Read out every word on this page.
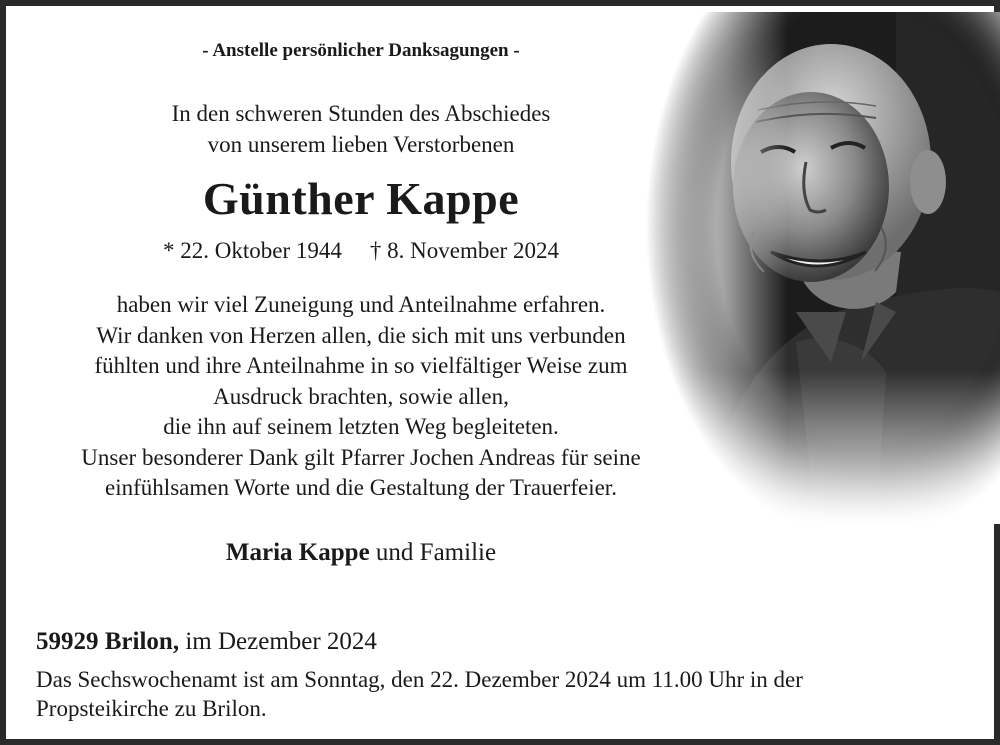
- Anstelle persönlicher Danksagungen -
In den schweren Stunden des Abschiedes
von unserem lieben Verstorbenen
Günther Kappe
* 22. Oktober 1944 † 8. November 2024
haben wir viel Zuneigung und Anteilnahme erfahren.
Wir danken von Herzen allen, die sich mit uns verbunden
fühlten und ihre Anteilnahme in so vielfältiger Weise zum
Ausdruck brachten, sowie allen,
die ihn auf seinem letzten Weg begleiteten.
Unser besonderer Dank gilt Pfarrer Jochen Andreas für seine
einfühlsamen Worte und die Gestaltung der Trauerfeier.
Maria Kappe und Familie
59929 Brilon, im Dezember 2024
Das Sechswochenamt ist am Sonntag, den 22. Dezember 2024 um 11.00 Uhr in der
Propsteikirche zu Brilon.
